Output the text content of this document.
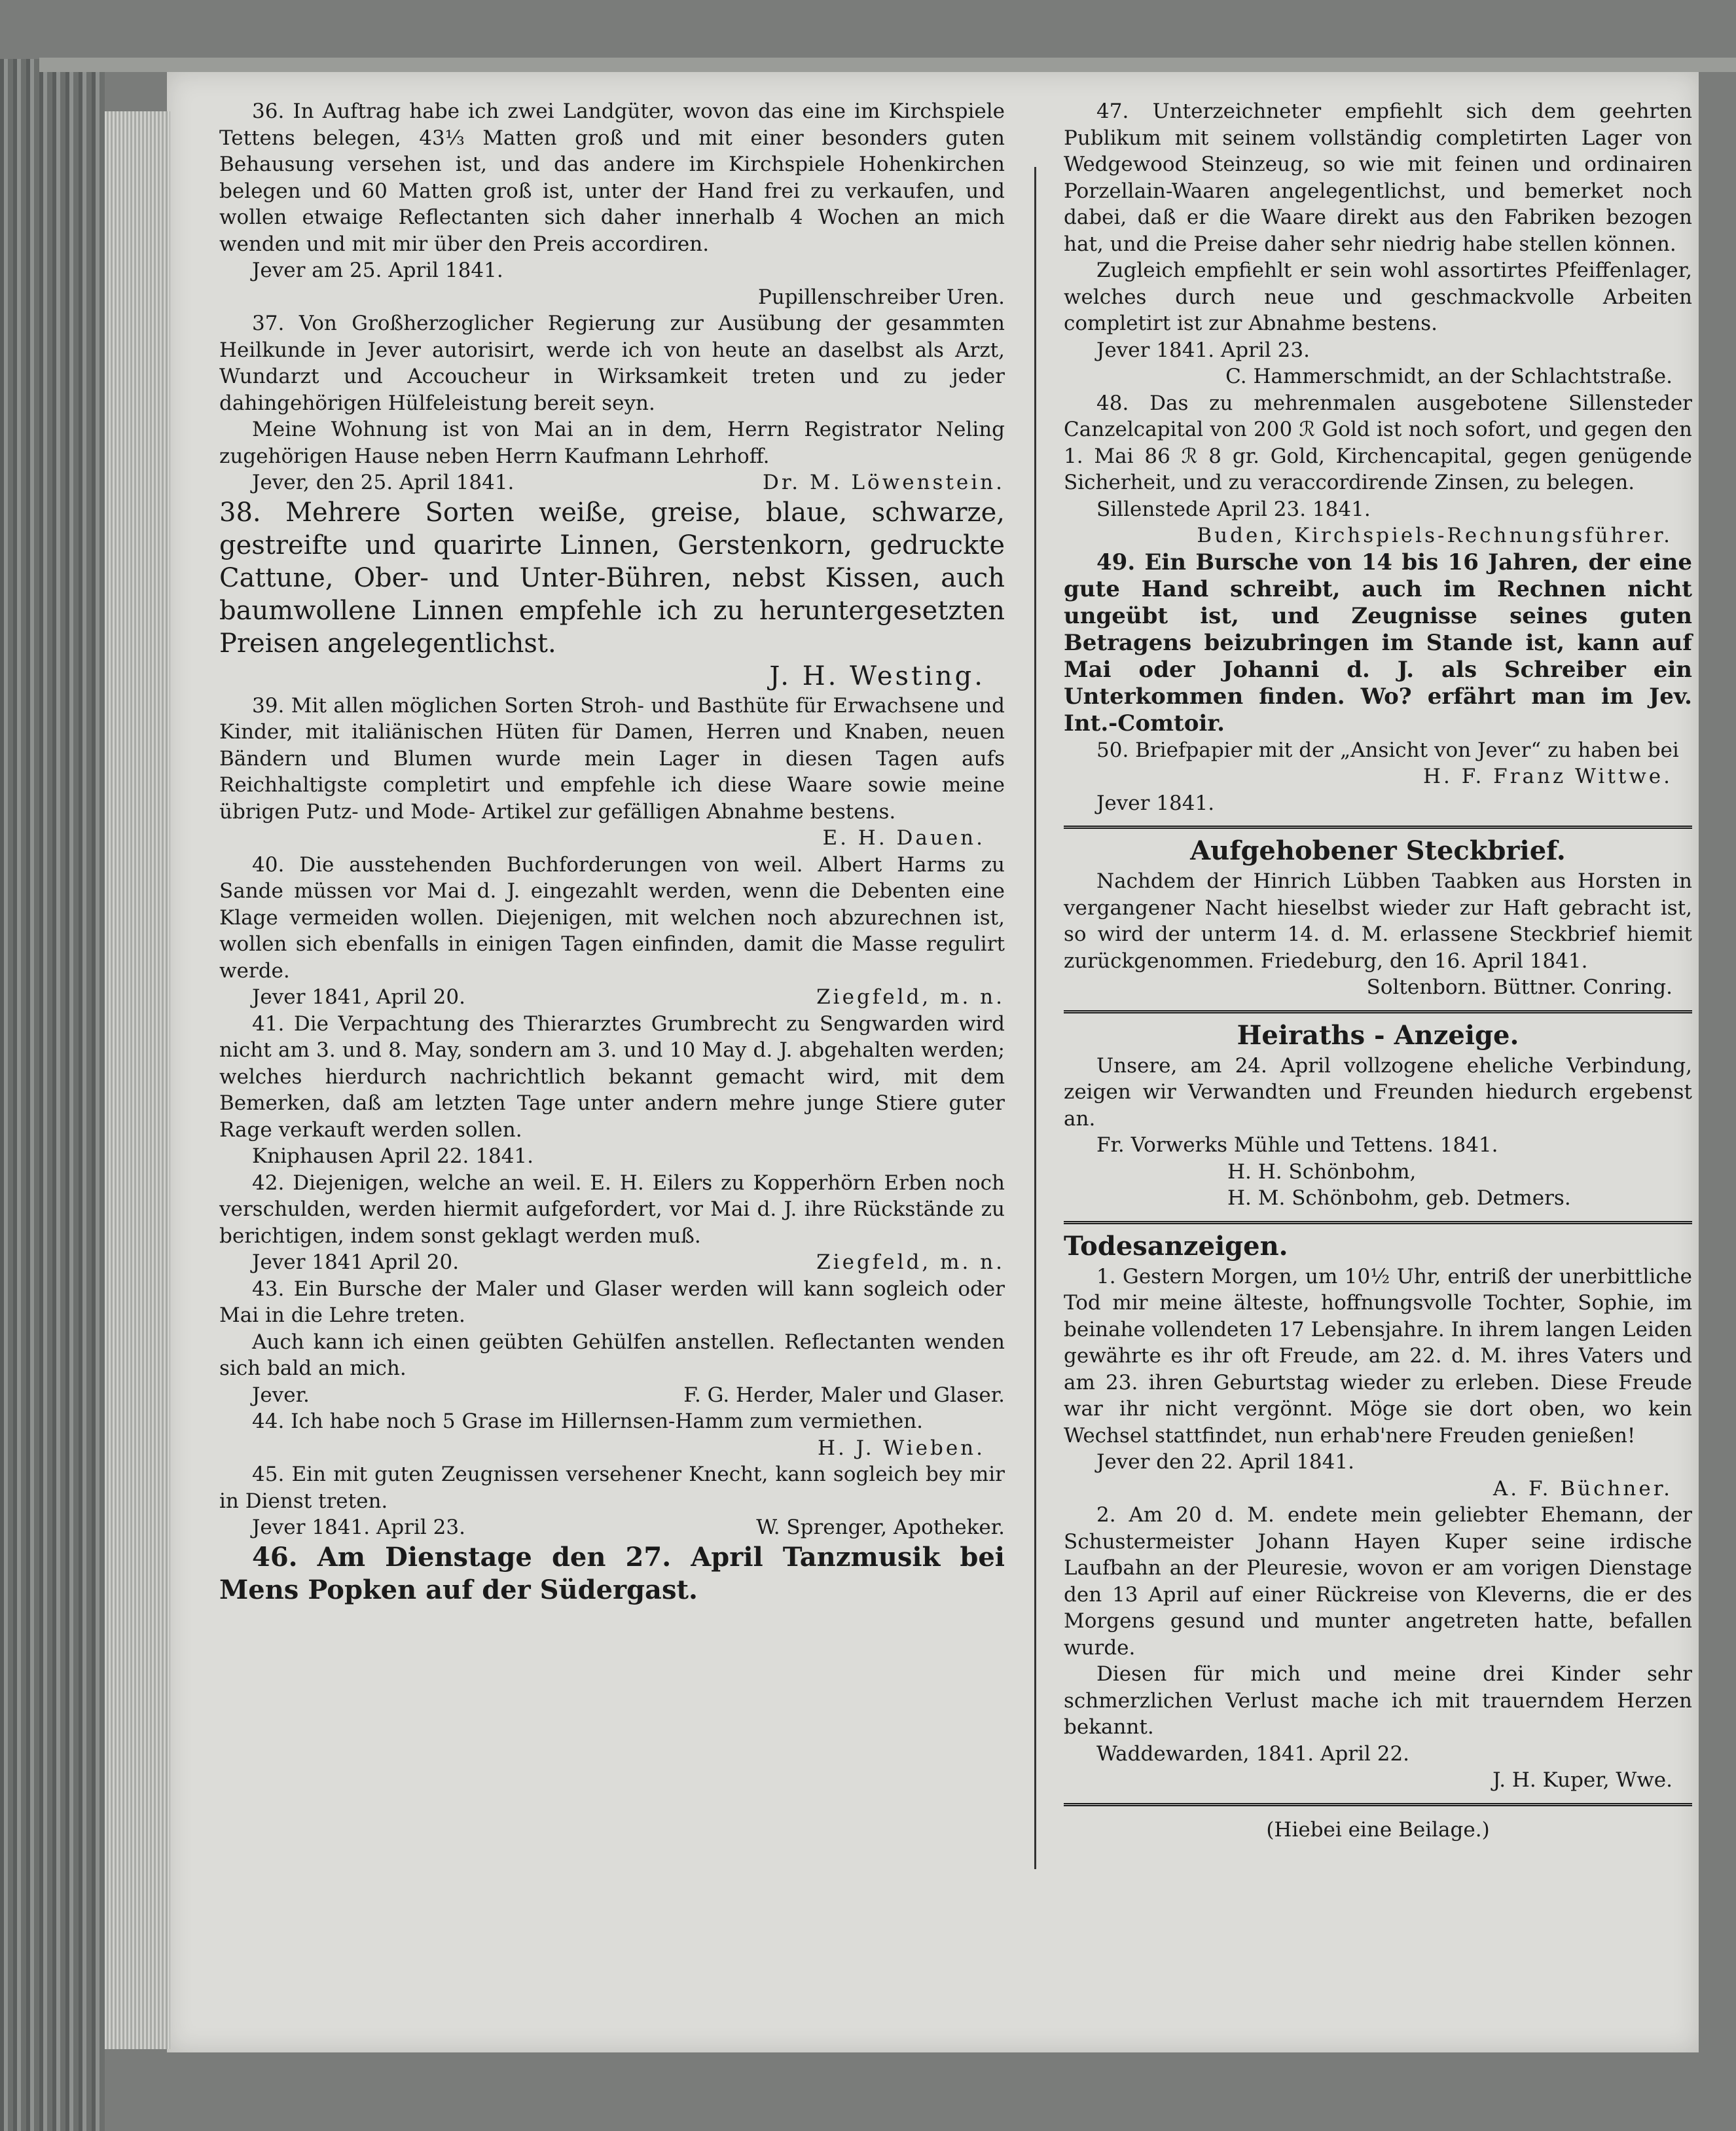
36. In Auftrag habe ich zwei Landgüter, wovon das eine im Kirchspiele Tettens belegen, 43⅓ Matten groß und mit einer besonders guten Behausung versehen ist, und das andere im Kirchspiele Hohenkirchen belegen und 60 Matten groß ist, unter der Hand frei zu verkaufen, und wollen etwaige Reflectanten sich daher innerhalb 4 Wochen an mich wenden und mit mir über den Preis accordiren.

Jever am 25. April 1841.

Pupillenschreiber Uren.

37. Von Großherzoglicher Regierung zur Ausübung der gesammten Heilkunde in Jever autorisirt, werde ich von heute an daselbst als Arzt, Wundarzt und Accoucheur in Wirksamkeit treten und zu jeder dahingehörigen Hülfeleistung bereit seyn.

Meine Wohnung ist von Mai an in dem, Herrn Registrator Neling zugehörigen Hause neben Herrn Kaufmann Lehrhoff.

Jever, den 25. April 1841.	Dr. M. Löwenstein.

38. Mehrere Sorten weiße, greise, blaue, schwarze, gestreifte und quarirte Linnen, Gerstenkorn, gedruckte Cattune, Ober- und Unter-Bühren, nebst Kissen, auch baumwollene Linnen empfehle ich zu heruntergesetzten Preisen angelegentlichst.

J. H. Westing.

39. Mit allen möglichen Sorten Stroh- und Basthüte für Erwachsene und Kinder, mit italiänischen Hüten für Damen, Herren und Knaben, neuen Bändern und Blumen wurde mein Lager in diesen Tagen aufs Reichhaltigste completirt und empfehle ich diese Waare sowie meine übrigen Putz- und Mode- Artikel zur gefälligen Abnahme bestens.

E. H. Dauen.

40. Die ausstehenden Buchforderungen von weil. Albert Harms zu Sande müssen vor Mai d. J. eingezahlt werden, wenn die Debenten eine Klage vermeiden wollen. Diejenigen, mit welchen noch abzurechnen ist, wollen sich ebenfalls in einigen Tagen einfinden, damit die Masse regulirt werde.

Jever 1841, April 20.	Ziegfeld, m. n.

41. Die Verpachtung des Thierarztes Grumbrecht zu Sengwarden wird nicht am 3. und 8. May, sondern am 3. und 10 May d. J. abgehalten werden; welches hierdurch nachrichtlich bekannt gemacht wird, mit dem Bemerken, daß am letzten Tage unter andern mehre junge Stiere guter Rage verkauft werden sollen.

Kniphausen April 22. 1841.

42. Diejenigen, welche an weil. E. H. Eilers zu Kopperhörn Erben noch verschulden, werden hiermit aufgefordert, vor Mai d. J. ihre Rückstände zu berichtigen, indem sonst geklagt werden muß.

Jever 1841 April 20.	Ziegfeld, m. n.

43. Ein Bursche der Maler und Glaser werden will kann sogleich oder Mai in die Lehre treten.

Auch kann ich einen geübten Gehülfen anstellen. Reflectanten wenden sich bald an mich.

Jever.	F. G. Herder, Maler und Glaser.

44. Ich habe noch 5 Grase im Hillernsen-Hamm zum vermiethen.

H. J. Wieben.

45. Ein mit guten Zeugnissen versehener Knecht, kann sogleich bey mir in Dienst treten.

Jever 1841. April 23.	W. Sprenger, Apotheker.

46. Am Dienstage den 27. April Tanzmusik bei Mens Popken auf der Südergast.

47. Unterzeichneter empfiehlt sich dem geehrten Publikum mit seinem vollständig completirten Lager von Wedgewood Steinzeug, so wie mit feinen und ordinairen Porzellain-Waaren angelegentlichst, und bemerket noch dabei, daß er die Waare direkt aus den Fabriken bezogen hat, und die Preise daher sehr niedrig habe stellen können.

Zugleich empfiehlt er sein wohl assortirtes Pfeiffenlager, welches durch neue und geschmackvolle Arbeiten completirt ist zur Abnahme bestens.

Jever 1841. April 23.

C. Hammerschmidt, an der Schlachtstraße.

48. Das zu mehrenmalen ausgebotene Sillensteder Canzelcapital von 200 ℛ Gold ist noch sofort, und gegen den 1. Mai 86 ℛ 8 gr. Gold, Kirchencapital, gegen genügende Sicherheit, und zu veraccordirende Zinsen, zu belegen.

Sillenstede April 23. 1841.

Buden, Kirchspiels-Rechnungsführer.

49. Ein Bursche von 14 bis 16 Jahren, der eine gute Hand schreibt, auch im Rechnen nicht ungeübt ist, und Zeugnisse seines guten Betragens beizubringen im Stande ist, kann auf Mai oder Johanni d. J. als Schreiber ein Unterkommen finden. Wo? erfährt man im Jev. Int.-Comtoir.

50. Briefpapier mit der „Ansicht von Jever“ zu haben bei

H. F. Franz Wittwe.

Jever 1841.

Aufgehobener Steckbrief.

Nachdem der Hinrich Lübben Taabken aus Horsten in vergangener Nacht hieselbst wieder zur Haft gebracht ist, so wird der unterm 14. d. M. erlassene Steckbrief hiemit zurückgenommen. Friedeburg, den 16. April 1841.

Soltenborn. Büttner. Conring.

Heiraths - Anzeige.

Unsere, am 24. April vollzogene eheliche Verbindung, zeigen wir Verwandten und Freunden hiedurch ergebenst an.

Fr. Vorwerks Mühle und Tettens. 1841.

H. H. Schönbohm,

H. M. Schönbohm, geb. Detmers.

Todesanzeigen.

1. Gestern Morgen, um 10½ Uhr, entriß der unerbittliche Tod mir meine älteste, hoffnungsvolle Tochter, Sophie, im beinahe vollendeten 17 Lebensjahre. In ihrem langen Leiden gewährte es ihr oft Freude, am 22. d. M. ihres Vaters und am 23. ihren Geburtstag wieder zu erleben. Diese Freude war ihr nicht vergönnt. Möge sie dort oben, wo kein Wechsel stattfindet, nun erhab'nere Freuden genießen!

Jever den 22. April 1841.

A. F. Büchner.

2. Am 20 d. M. endete mein geliebter Ehemann, der Schustermeister Johann Hayen Kuper seine irdische Laufbahn an der Pleuresie, wovon er am vorigen Dienstage den 13 April auf einer Rückreise von Kleverns, die er des Morgens gesund und munter angetreten hatte, befallen wurde.

Diesen für mich und meine drei Kinder sehr schmerzlichen Verlust mache ich mit trauerndem Herzen bekannt.

Waddewarden, 1841. April 22.

J. H. Kuper, Wwe.

(Hiebei eine Beilage.)
